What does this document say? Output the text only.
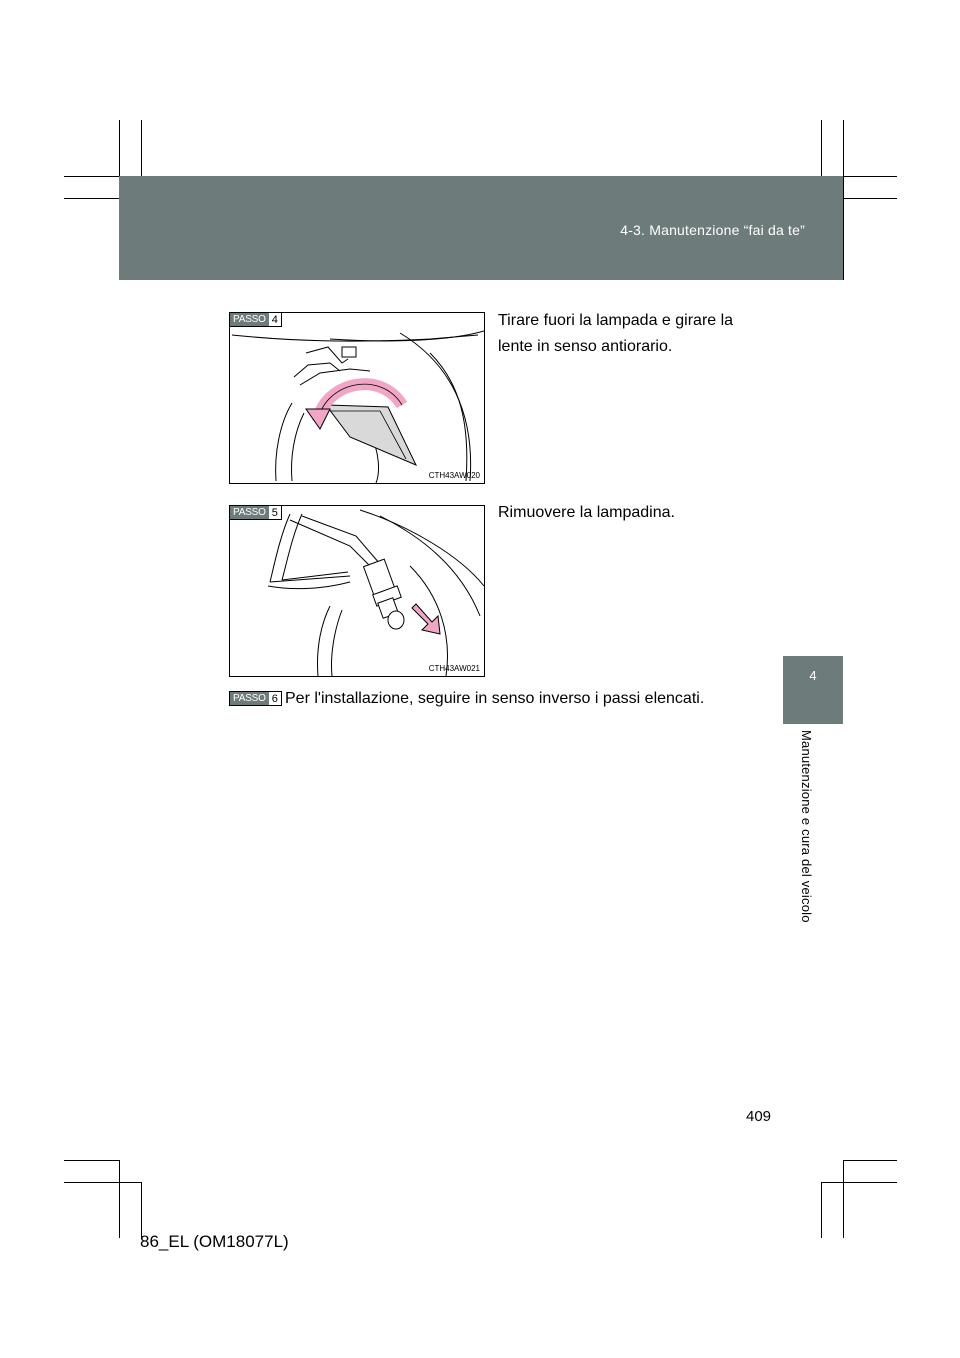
4-3. Manutenzione “fai da te”
4
Manutenzione e cura del veicolo
PASSO 4
CTH43AW020
Tirare fuori la lampada e girare la lente in senso antiorario.
PASSO 5
CTH43AW021
Rimuovere la lampadina.
PASSO 6 Per l'installazione, seguire in senso inverso i passi elencati.
409
86_EL (OM18077L)
